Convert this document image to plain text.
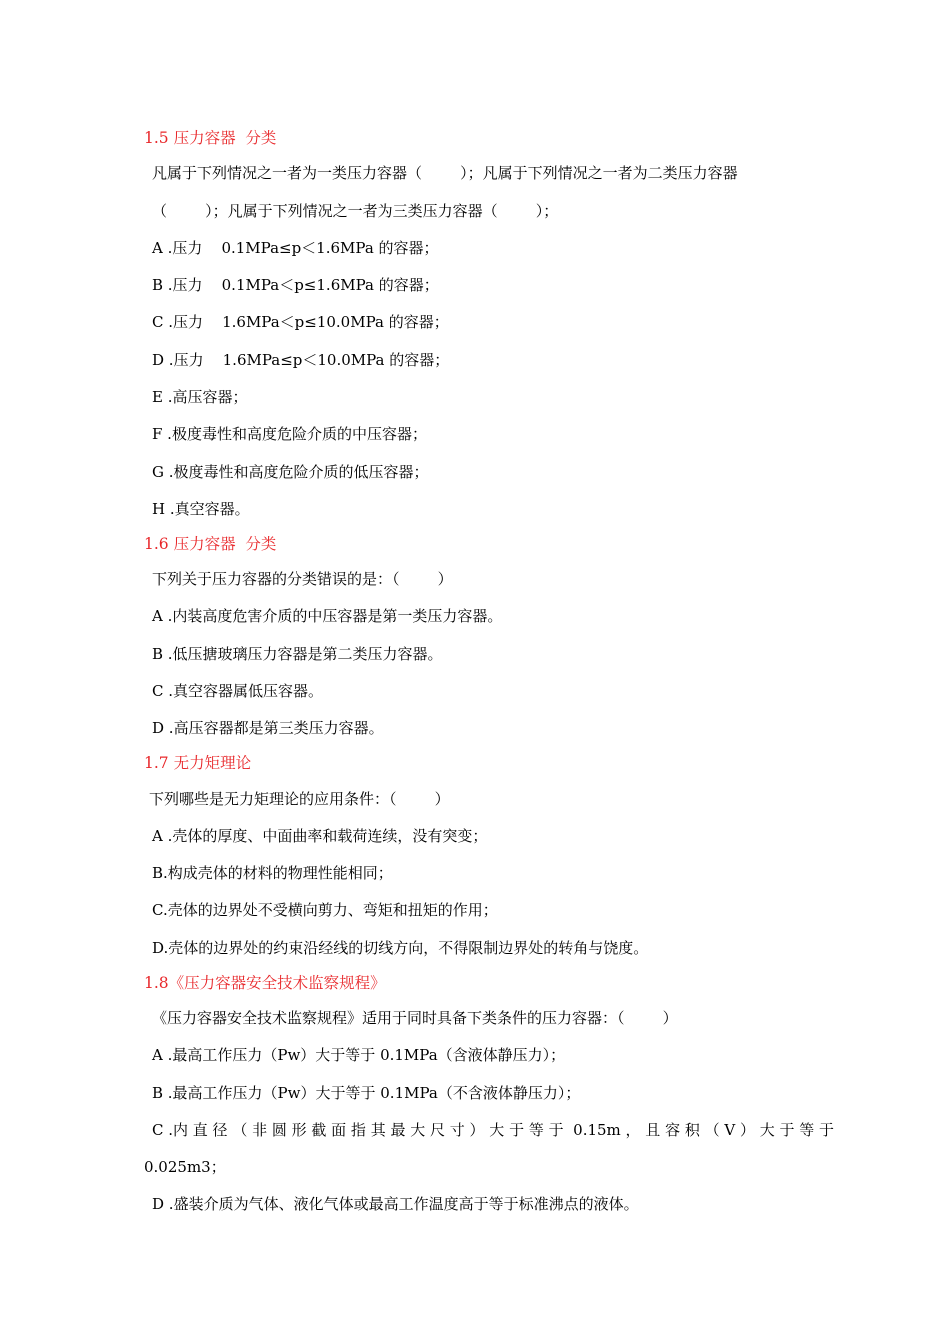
1.5 压力容器  分类
凡属于下列情况之一者为一类压力容器（        ）；凡属于下列情况之一者为二类压力容器
（        ）；凡属于下列情况之一者为三类压力容器（        ）；
A .压力    0.1MPa≤p＜1.6MPa 的容器；
B .压力    0.1MPa＜p≤1.6MPa 的容器；
C .压力    1.6MPa＜p≤10.0MPa 的容器；
D .压力    1.6MPa≤p＜10.0MPa 的容器；
E .高压容器；
F .极度毒性和高度危险介质的中压容器；
G .极度毒性和高度危险介质的低压容器；
H .真空容器。
1.6 压力容器  分类
下列关于压力容器的分类错误的是：（        ）
A .内装高度危害介质的中压容器是第一类压力容器。
B .低压搪玻璃压力容器是第二类压力容器。
C .真空容器属低压容器。
D .高压容器都是第三类压力容器。
1.7 无力矩理论
下列哪些是无力矩理论的应用条件：（        ）
A .壳体的厚度、中面曲率和载荷连续，没有突变；
B.构成壳体的材料的物理性能相同；
C.壳体的边界处不受横向剪力、弯矩和扭矩的作用；
D.壳体的边界处的约束沿经线的切线方向，不得限制边界处的转角与饶度。
1.8《压力容器安全技术监察规程》
《压力容器安全技术监察规程》适用于同时具备下类条件的压力容器：（        ）
A .最高工作压力（Pw）大于等于 0.1MPa（含液体静压力）；
B .最高工作压力（Pw）大于等于 0.1MPa（不含液体静压力）；
C .内 直 径 （ 非 圆 形 截 面 指 其 最 大 尺 寸 ） 大 于 等 于  0.15m ， 且 容 积 （ V ） 大 于 等 于
0.025m3；
D .盛装介质为气体、液化气体或最高工作温度高于等于标准沸点的液体。
